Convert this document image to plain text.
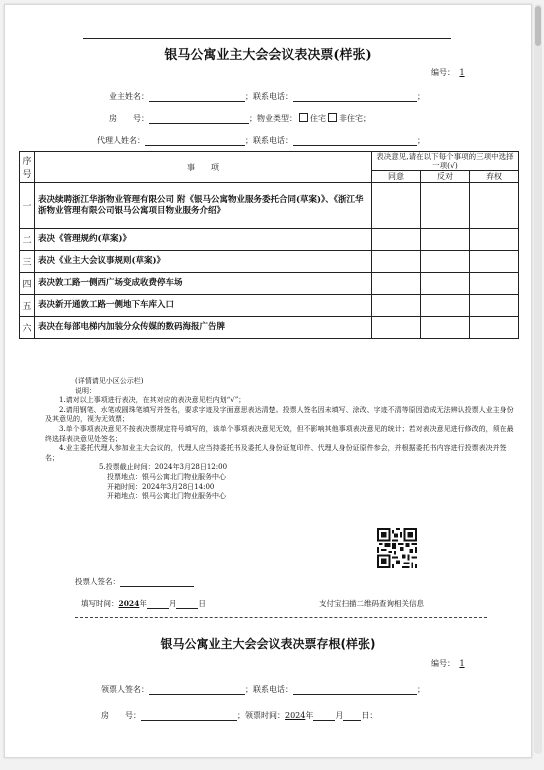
银马公寓业主大会会议表决票(样张)
编号： 1
业主姓名：	；联系电话：	；
房　　号：	；物业类型： 住宅 非住宅；
代理人姓名：	；联系电话：	；
序号	事　　项	表决意见,请在以下每个事项的三项中选择一项(√)		
		同意	反对	弃权
一	表决续聘浙江华浙物业管理有限公司 附《银马公寓物业服务委托合同(草案)》、《浙江华浙物业管理有限公司银马公寓项目物业服务介绍》			
二	表决《管理规约(草案)》			
三	表决《业主大会议事规则(草案)》			
四	表决敦工路一侧西广场变成收费停车场			
五	表决新开通敦工路一侧地下车库入口			
六	表决在每部电梯内加装分众传媒的数码海报广告牌			

(详情请见小区公示栏)

说明：

1.请对以上事项进行表决，在其对应的表决意见栏内划“√”；

2.请用钢笔、水笔或圆珠笔填写并签名，要求字迹及字面意思表达清楚。投票人签名因未填写、涂改、字迹不清等原因造成无法辨认投票人业主身份及其意见的，视为无效票；

3.单个事项表决意见不按表决票规定符号填写的，该单个事项表决意见无效，但不影响其他事项表决意见的统计；若对表决意见进行修改的，须在最终选择表决意见处签名；

4.业主委托代理人参加业主大会议的，代理人应当持委托书及委托人身份证复印件、代理人身份证原件参会，并根据委托书内容进行投票表决并签名；

5.投票截止时间：2024年3月28日12:00

投票地点：银马公寓北门物业服务中心

开箱时间：2024年3月28日14:00

开箱地点：银马公寓北门物业服务中心

投票人签名：
填写时间：2024年	月	日	支付宝扫描二维码查询相关信息
银马公寓业主大会会议表决票存根(样张)
编号： 1
领票人签名：	；联系电话：	；
房　　号：	；领票时间：2024年	月 日：
